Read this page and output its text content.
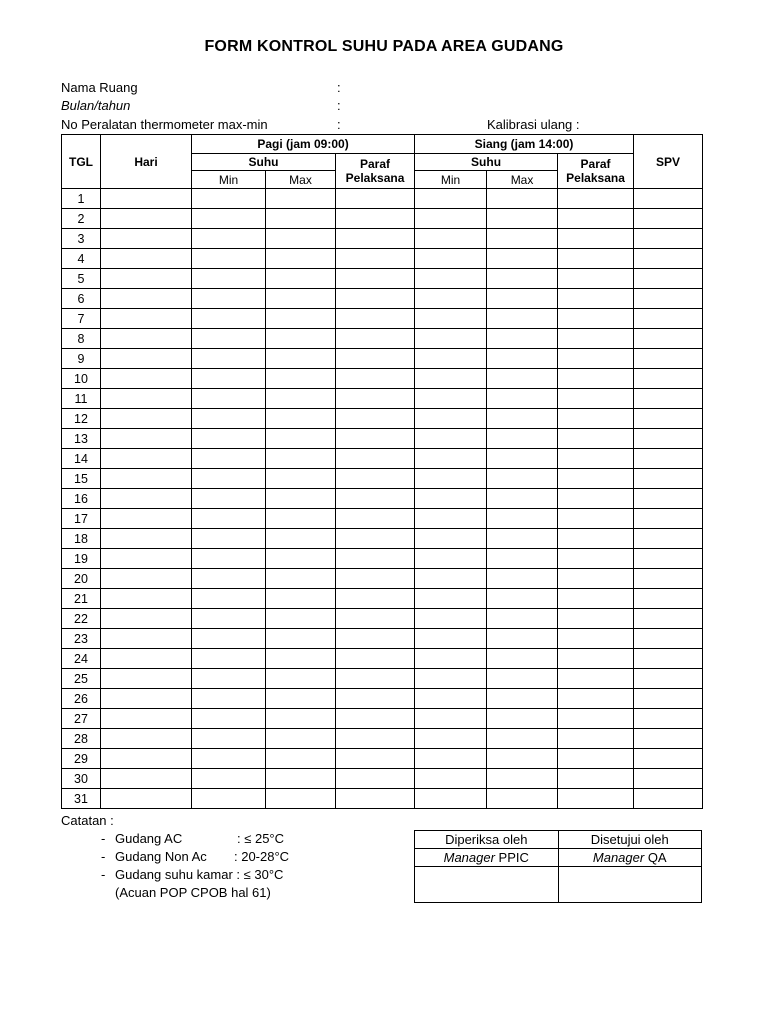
FORM KONTROL SUHU PADA AREA GUDANG
Nama Ruang	:
Bulan/tahun	:
No Peralatan thermometer max-min	:	Kalibrasi ulang :
TGL	Hari	Pagi (jam 09:00)			Siang (jam 14:00)			SPV
		Suhu		Paraf Pelaksana	Suhu		Paraf Pelaksana	
		Min	Max		Min	Max		
1								
2								
3								
4								
5								
6								
7								
8								
9								
10								
11								
12								
13								
14								
15								
16								
17								
18								
19								
20								
21								
22								
23								
24								
25								
26								
27								
28								
29								
30								
31								
Catatan :
- Gudang AC	: ≤ 25°C
- Gudang Non Ac : 20-28°C
- Gudang suhu kamar : ≤ 30°C
(Acuan POP CPOB hal 61)
Diperiksa oleh	Disetujui oleh
Manager PPIC	Manager QA
